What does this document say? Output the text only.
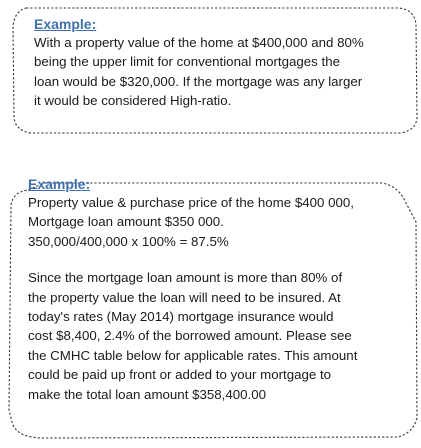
Example:

With a property value of the home at $400,000 and 80%

being the upper limit for conventional mortgages the

loan would be $320,000. If the mortgage was any larger

it would be considered High-ratio.

Example:

Property value & purchase price of the home $400 000,

Mortgage loan amount $350 000.

350,000/400,000 x 100% = 87.5%

Since the mortgage loan amount is more than 80% of

the property value the loan will need to be insured. At

today's rates (May 2014) mortgage insurance would

cost $8,400, 2.4% of the borrowed amount. Please see

the CMHC table below for applicable rates. This amount

could be paid up front or added to your mortgage to

make the total loan amount $358,400.00
